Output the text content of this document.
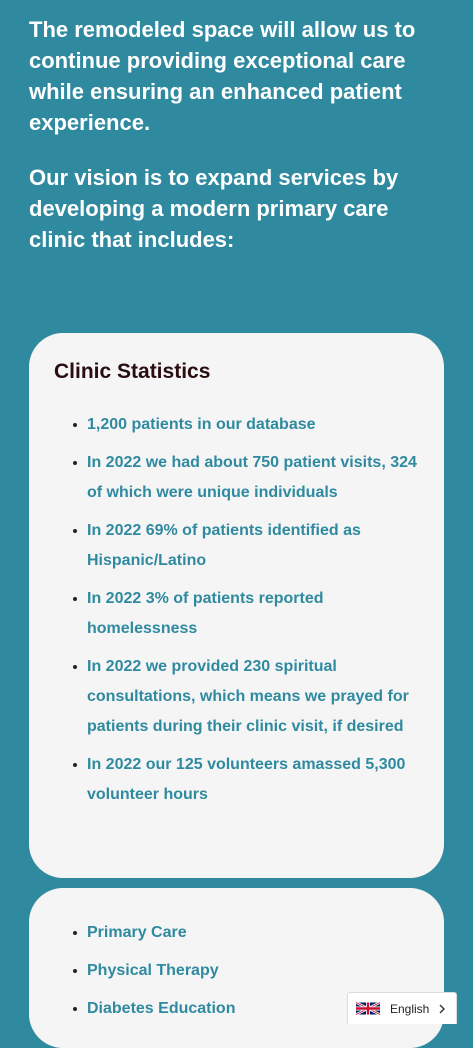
The remodeled space will allow us to continue providing exceptional care while ensuring an enhanced patient experience.

Our vision is to expand services by developing a modern primary care clinic that includes:

Clinic Statistics
1,200 patients in our database
In 2022 we had about 750 patient visits, 324 of which were unique individuals
In 2022 69% of patients identified as Hispanic/Latino
In 2022 3% of patients reported homelessness
In 2022 we provided 230 spiritual consultations, which means we prayed for patients during their clinic visit, if desired
In 2022 our 125 volunteers amassed 5,300 volunteer hours
Primary Care
Physical Therapy
Diabetes Education	English
